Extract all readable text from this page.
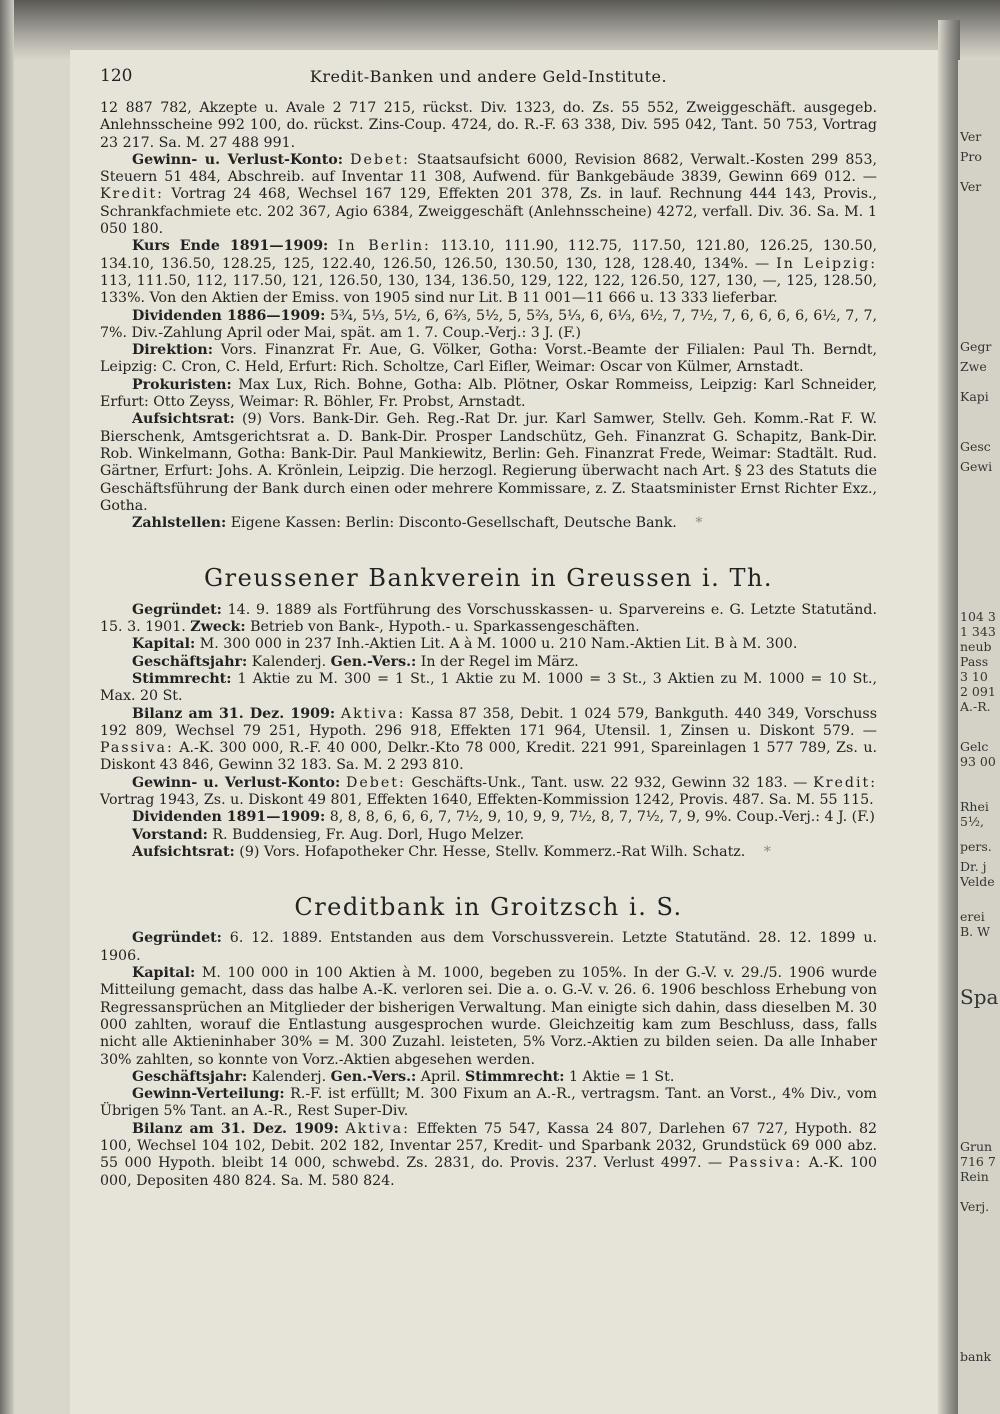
Ver
Pro
Ver
Gegr
Zwe
Kapi
Gesc
Gewi
104 3
1 343
neub
Pass
3 10
2 091
A.-R.
Gelc
93 00
Rhei
5¹⁄₂,
pers.
Dr. j
Velde
erei
B. W
Spa
Grun
716 7
Rein
Verj.
bank
120	Kredit-Banken und andere Geld-Institute.

12 887 782, Akzepte u. Avale 2 717 215, rückst. Div. 1323, do. Zs. 55 552, Zweiggeschäft. ausgegeb. Anlehnsscheine 992 100, do. rückst. Zins-Coup. 4724, do. R.-F. 63 338, Div. 595 042, Tant. 50 753, Vortrag 23 217. Sa. M. 27 488 991.

Gewinn- u. Verlust-Konto: Debet: Staatsaufsicht 6000, Revision 8682, Verwalt.-Kosten 299 853, Steuern 51 484, Abschreib. auf Inventar 11 308, Aufwend. für Bankgebäude 3839, Gewinn 669 012. — Kredit: Vortrag 24 468, Wechsel 167 129, Effekten 201 378, Zs. in lauf. Rechnung 444 143, Provis., Schrankfachmiete etc. 202 367, Agio 6384, Zweiggeschäft (Anlehnsscheine) 4272, verfall. Div. 36. Sa. M. 1 050 180.

Kurs Ende 1891—1909: In Berlin: 113.10, 111.90, 112.75, 117.50, 121.80, 126.25, 130.50, 134.10, 136.50, 128.25, 125, 122.40, 126.50, 126.50, 130.50, 130, 128, 128.40, 134%. — In Leipzig: 113, 111.50, 112, 117.50, 121, 126.50, 130, 134, 136.50, 129, 122, 122, 126.50, 127, 130, —, 125, 128.50, 133%. Von den Aktien der Emiss. von 1905 sind nur Lit. B 11 001—11 666 u. 13 333 lieferbar.

Dividenden 1886—1909: 5³⁄₄, 5¹⁄₃, 5¹⁄₂, 6, 6²⁄₃, 5¹⁄₂, 5, 5²⁄₃, 5¹⁄₃, 6, 6¹⁄₃, 6¹⁄₂, 7, 7¹⁄₂, 7, 6, 6, 6, 6, 6¹⁄₂, 7, 7, 7%. Div.-Zahlung April oder Mai, spät. am 1. 7. Coup.-Verj.: 3 J. (F.)

Direktion: Vors. Finanzrat Fr. Aue, G. Völker, Gotha: Vorst.-Beamte der Filialen: Paul Th. Berndt, Leipzig: C. Cron, C. Held, Erfurt: Rich. Scholtze, Carl Eifler, Weimar: Oscar von Külmer, Arnstadt.

Prokuristen: Max Lux, Rich. Bohne, Gotha: Alb. Plötner, Oskar Rommeiss, Leipzig: Karl Schneider, Erfurt: Otto Zeyss, Weimar: R. Böhler, Fr. Probst, Arnstadt.

Aufsichtsrat: (9) Vors. Bank-Dir. Geh. Reg.-Rat Dr. jur. Karl Samwer, Stellv. Geh. Komm.-Rat F. W. Bierschenk, Amtsgerichtsrat a. D. Bank-Dir. Prosper Landschütz, Geh. Finanzrat G. Schapitz, Bank-Dir. Rob. Winkelmann, Gotha: Bank-Dir. Paul Mankiewitz, Berlin: Geh. Finanzrat Frede, Weimar: Stadtält. Rud. Gärtner, Erfurt: Johs. A. Krönlein, Leipzig. Die herzogl. Regierung überwacht nach Art. § 23 des Statuts die Geschäftsführung der Bank durch einen oder mehrere Kommissare, z. Z. Staatsminister Ernst Richter Exz., Gotha.

Zahlstellen: Eigene Kassen: Berlin: Disconto-Gesellschaft, Deutsche Bank. *

Greussener Bankverein in Greussen i. Th.

Gegründet: 14. 9. 1889 als Fortführung des Vorschusskassen- u. Sparvereins e. G. Letzte Statutänd. 15. 3. 1901. Zweck: Betrieb von Bank-, Hypoth.- u. Sparkassengeschäften.

Kapital: M. 300 000 in 237 Inh.-Aktien Lit. A à M. 1000 u. 210 Nam.-Aktien Lit. B à M. 300.

Geschäftsjahr: Kalenderj. Gen.-Vers.: In der Regel im März.

Stimmrecht: 1 Aktie zu M. 300 = 1 St., 1 Aktie zu M. 1000 = 3 St., 3 Aktien zu M. 1000 = 10 St., Max. 20 St.

Bilanz am 31. Dez. 1909: Aktiva: Kassa 87 358, Debit. 1 024 579, Bankguth. 440 349, Vorschuss 192 809, Wechsel 79 251, Hypoth. 296 918, Effekten 171 964, Utensil. 1, Zinsen u. Diskont 579. — Passiva: A.-K. 300 000, R.-F. 40 000, Delkr.-Kto 78 000, Kredit. 221 991, Spareinlagen 1 577 789, Zs. u. Diskont 43 846, Gewinn 32 183. Sa. M. 2 293 810.

Gewinn- u. Verlust-Konto: Debet: Geschäfts-Unk., Tant. usw. 22 932, Gewinn 32 183. — Kredit: Vortrag 1943, Zs. u. Diskont 49 801, Effekten 1640, Effekten-Kommission 1242, Provis. 487. Sa. M. 55 115.

Dividenden 1891—1909: 8, 8, 8, 6, 6, 6, 7, 7¹⁄₂, 9, 10, 9, 9, 7¹⁄₂, 8, 7, 7¹⁄₂, 7, 9, 9%. Coup.-Verj.: 4 J. (F.)

Vorstand: R. Buddensieg, Fr. Aug. Dorl, Hugo Melzer.

Aufsichtsrat: (9) Vors. Hofapotheker Chr. Hesse, Stellv. Kommerz.-Rat Wilh. Schatz. *

Creditbank in Groitzsch i. S.

Gegründet: 6. 12. 1889. Entstanden aus dem Vorschussverein. Letzte Statutänd. 28. 12. 1899 u. 1906.

Kapital: M. 100 000 in 100 Aktien à M. 1000, begeben zu 105%. In der G.-V. v. 29./5. 1906 wurde Mitteilung gemacht, dass das halbe A.-K. verloren sei. Die a. o. G.-V. v. 26. 6. 1906 beschloss Erhebung von Regressansprüchen an Mitglieder der bisherigen Verwaltung. Man einigte sich dahin, dass dieselben M. 30 000 zahlten, worauf die Entlastung ausgesprochen wurde. Gleichzeitig kam zum Beschluss, dass, falls nicht alle Aktieninhaber 30% = M. 300 Zuzahl. leisteten, 5% Vorz.-Aktien zu bilden seien. Da alle Inhaber 30% zahlten, so konnte von Vorz.-Aktien abgesehen werden.

Geschäftsjahr: Kalenderj. Gen.-Vers.: April. Stimmrecht: 1 Aktie = 1 St.

Gewinn-Verteilung: R.-F. ist erfüllt; M. 300 Fixum an A.-R., vertragsm. Tant. an Vorst., 4% Div., vom Übrigen 5% Tant. an A.-R., Rest Super-Div.

Bilanz am 31. Dez. 1909: Aktiva: Effekten 75 547, Kassa 24 807, Darlehen 67 727, Hypoth. 82 100, Wechsel 104 102, Debit. 202 182, Inventar 257, Kredit- und Sparbank 2032, Grundstück 69 000 abz. 55 000 Hypoth. bleibt 14 000, schwebd. Zs. 2831, do. Provis. 237. Verlust 4997. — Passiva: A.-K. 100 000, Depositen 480 824. Sa. M. 580 824.
